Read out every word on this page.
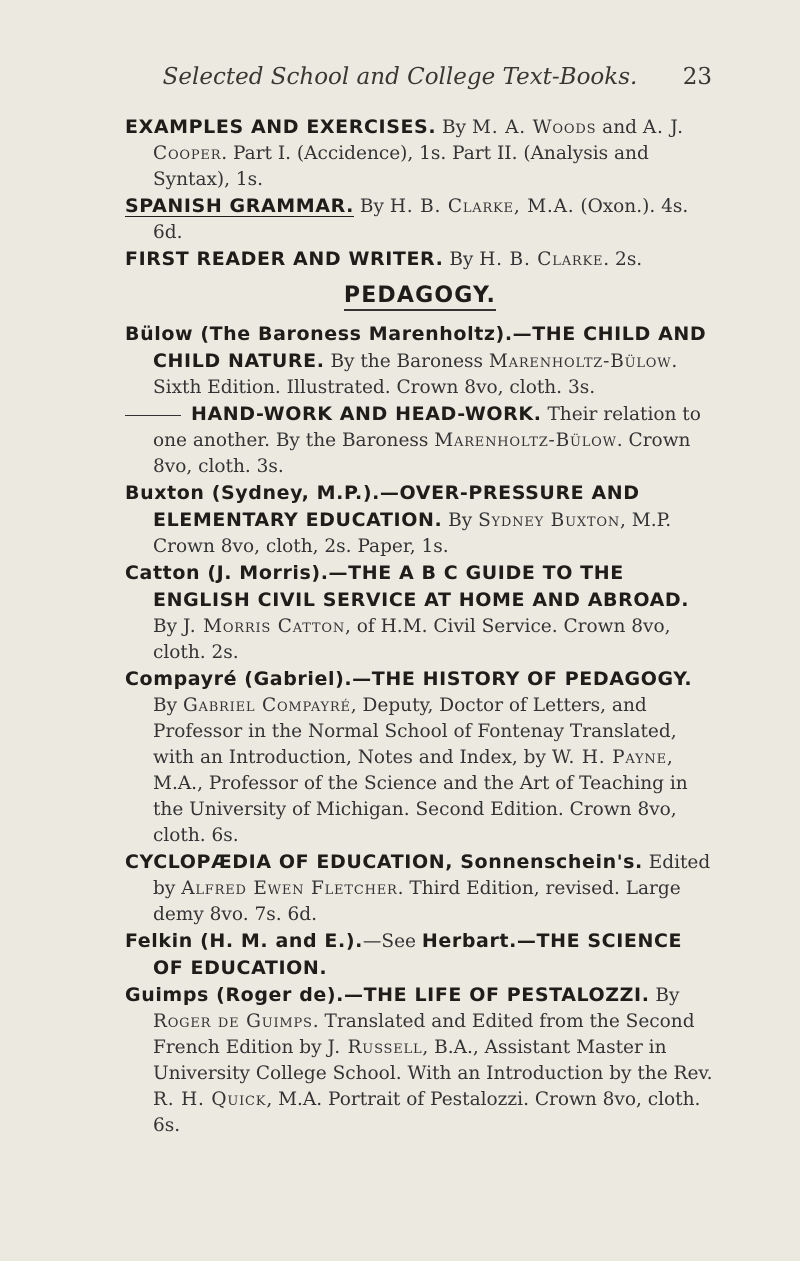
Selected School and College Text-Books.	23

EXAMPLES AND EXERCISES. By M. A. Woods and A. J. Cooper. Part I. (Accidence), 1s. Part II. (Analysis and Syntax), 1s.

SPANISH GRAMMAR. By H. B. Clarke, M.A. (Oxon.). 4s. 6d.

FIRST READER AND WRITER. By H. B. Clarke. 2s.

PEDAGOGY.

Bülow (The Baroness Marenholtz).—THE CHILD AND CHILD NATURE. By the Baroness Marenholtz-Bülow. Sixth Edition. Illustrated. Crown 8vo, cloth. 3s.

HAND-WORK AND HEAD-WORK. Their relation to one another. By the Baroness Marenholtz-Bülow. Crown 8vo, cloth. 3s.

Buxton (Sydney, M.P.).—OVER-PRESSURE AND ELEMENTARY EDUCATION. By Sydney Buxton, M.P. Crown 8vo, cloth, 2s. Paper, 1s.

Catton (J. Morris).—THE A B C GUIDE TO THE ENGLISH CIVIL SERVICE AT HOME AND ABROAD. By J. Morris Catton, of H.M. Civil Service. Crown 8vo, cloth. 2s.

Compayré (Gabriel).—THE HISTORY OF PEDAGOGY. By Gabriel Compayré, Deputy, Doctor of Letters, and Professor in the Normal School of Fontenay Translated, with an Introduction, Notes and Index, by W. H. Payne, M.A., Professor of the Science and the Art of Teaching in the University of Michigan. Second Edition. Crown 8vo, cloth. 6s.

CYCLOPÆDIA OF EDUCATION, Sonnenschein's. Edited by Alfred Ewen Fletcher. Third Edition, revised. Large demy 8vo. 7s. 6d.

Felkin (H. M. and E.).—See Herbart.—THE SCIENCE OF EDUCATION.

Guimps (Roger de).—THE LIFE OF PESTALOZZI. By Roger de Guimps. Translated and Edited from the Second French Edition by J. Russell, B.A., Assistant Master in University College School. With an Introduction by the Rev. R. H. Quick, M.A. Portrait of Pestalozzi. Crown 8vo, cloth. 6s.
